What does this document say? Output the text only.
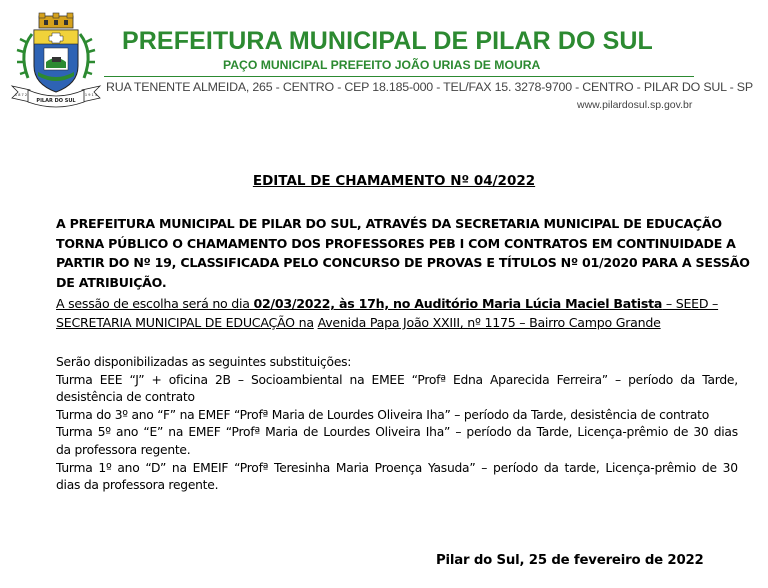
PILAR DO SUL
1 8 7 2	1 9 1 4
PREFEITURA MUNICIPAL DE PILAR DO SUL
PAÇO MUNICIPAL PREFEITO JOÃO URIAS DE MOURA
RUA TENENTE ALMEIDA, 265 - CENTRO - CEP 18.185-000 - TEL/FAX 15. 3278-9700 - CENTRO - PILAR DO SUL - SP
www.pilardosul.sp.gov.br
EDITAL DE CHAMAMENTO Nº 04/2022
A PREFEITURA MUNICIPAL DE PILAR DO SUL, ATRAVÉS DA SECRETARIA MUNICIPAL DE EDUCAÇÃO
TORNA PÚBLICO O CHAMAMENTO DOS PROFESSORES PEB I COM CONTRATOS EM CONTINUIDADE A
PARTIR DO Nº 19, CLASSIFICADA PELO CONCURSO DE PROVAS E TÍTULOS Nº 01/2020 PARA A SESSÃO
DE ATRIBUIÇÃO.
A sessão de escolha será no dia 02/03/2022, às 17h, no Auditório Maria Lúcia Maciel Batista – SEED –
SECRETARIA MUNICIPAL DE EDUCAÇÃO na Avenida Papa João XXIII, nº 1175 – Bairro Campo Grande
Serão disponibilizadas as seguintes substituições:
Turma EEE “J” + oficina 2B – Socioambiental na EMEE “Profª Edna Aparecida Ferreira” – período da Tarde,
desistência de contrato
Turma do 3º ano “F” na EMEF “Profª Maria de Lourdes Oliveira Iha” – período da Tarde, desistência de contrato
Turma 5º ano “E” na EMEF “Profª Maria de Lourdes Oliveira Iha” – período da Tarde, Licença-prêmio de 30 dias
da professora regente.
Turma 1º ano “D” na EMEIF “Profª Teresinha Maria Proença Yasuda” – período da tarde, Licença-prêmio de 30
dias da professora regente.
Pilar do Sul, 25 de fevereiro de 2022
